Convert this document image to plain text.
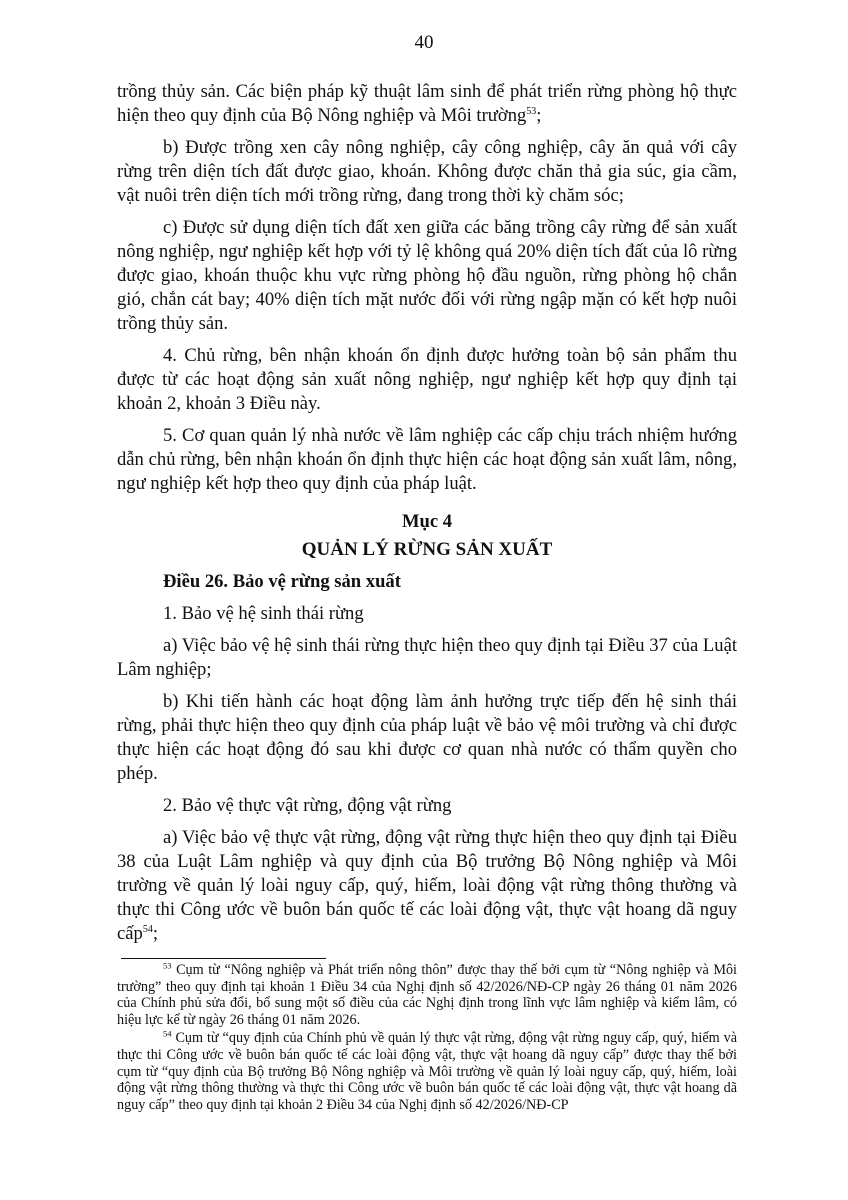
40

trồng thủy sản. Các biện pháp kỹ thuật lâm sinh để phát triển rừng phòng hộ thực hiện theo quy định của Bộ Nông nghiệp và Môi trường$^{53}$;

b) Được trồng xen cây nông nghiệp, cây công nghiệp, cây ăn quả với cây rừng trên diện tích đất được giao, khoán. Không được chăn thả gia súc, gia cầm, vật nuôi trên diện tích mới trồng rừng, đang trong thời kỳ chăm sóc;

c) Được sử dụng diện tích đất xen giữa các băng trồng cây rừng để sản xuất nông nghiệp, ngư nghiệp kết hợp với tỷ lệ không quá 20% diện tích đất của lô rừng được giao, khoán thuộc khu vực rừng phòng hộ đầu nguồn, rừng phòng hộ chắn gió, chắn cát bay; 40% diện tích mặt nước đối với rừng ngập mặn có kết hợp nuôi trồng thủy sản.

4. Chủ rừng, bên nhận khoán ổn định được hưởng toàn bộ sản phẩm thu được từ các hoạt động sản xuất nông nghiệp, ngư nghiệp kết hợp quy định tại khoản 2, khoản 3 Điều này.

5. Cơ quan quản lý nhà nước về lâm nghiệp các cấp chịu trách nhiệm hướng dẫn chủ rừng, bên nhận khoán ổn định thực hiện các hoạt động sản xuất lâm, nông, ngư nghiệp kết hợp theo quy định của pháp luật.

Mục 4

QUẢN LÝ RỪNG SẢN XUẤT

Điều 26. Bảo vệ rừng sản xuất

1. Bảo vệ hệ sinh thái rừng

a) Việc bảo vệ hệ sinh thái rừng thực hiện theo quy định tại Điều 37 của Luật Lâm nghiệp;

b) Khi tiến hành các hoạt động làm ảnh hưởng trực tiếp đến hệ sinh thái rừng, phải thực hiện theo quy định của pháp luật về bảo vệ môi trường và chỉ được thực hiện các hoạt động đó sau khi được cơ quan nhà nước có thẩm quyền cho phép.

2. Bảo vệ thực vật rừng, động vật rừng

a) Việc bảo vệ thực vật rừng, động vật rừng thực hiện theo quy định tại Điều 38 của Luật Lâm nghiệp và quy định của Bộ trưởng Bộ Nông nghiệp và Môi trường về quản lý loài nguy cấp, quý, hiếm, loài động vật rừng thông thường và thực thi Công ước về buôn bán quốc tế các loài động vật, thực vật hoang dã nguy cấp$^{54}$;

$^{53}$ Cụm từ “Nông nghiệp và Phát triển nông thôn” được thay thế bởi cụm từ “Nông nghiệp và Môi trường” theo quy định tại khoản 1 Điều 34 của Nghị định số 42/2026/NĐ-CP ngày 26 tháng 01 năm 2026 của Chính phủ sửa đổi, bổ sung một số điều của các Nghị định trong lĩnh vực lâm nghiệp và kiểm lâm, có hiệu lực kể từ ngày 26 tháng 01 năm 2026.

$^{54}$ Cụm từ “quy định của Chính phủ về quản lý thực vật rừng, động vật rừng nguy cấp, quý, hiếm và thực thi Công ước về buôn bán quốc tế các loài động vật, thực vật hoang dã nguy cấp” được thay thế bởi cụm từ “quy định của Bộ trưởng Bộ Nông nghiệp và Môi trường về quản lý loài nguy cấp, quý, hiếm, loài động vật rừng thông thường và thực thi Công ước về buôn bán quốc tế các loài động vật, thực vật hoang dã nguy cấp” theo quy định tại khoản 2 Điều 34 của Nghị định số 42/2026/NĐ-CP
